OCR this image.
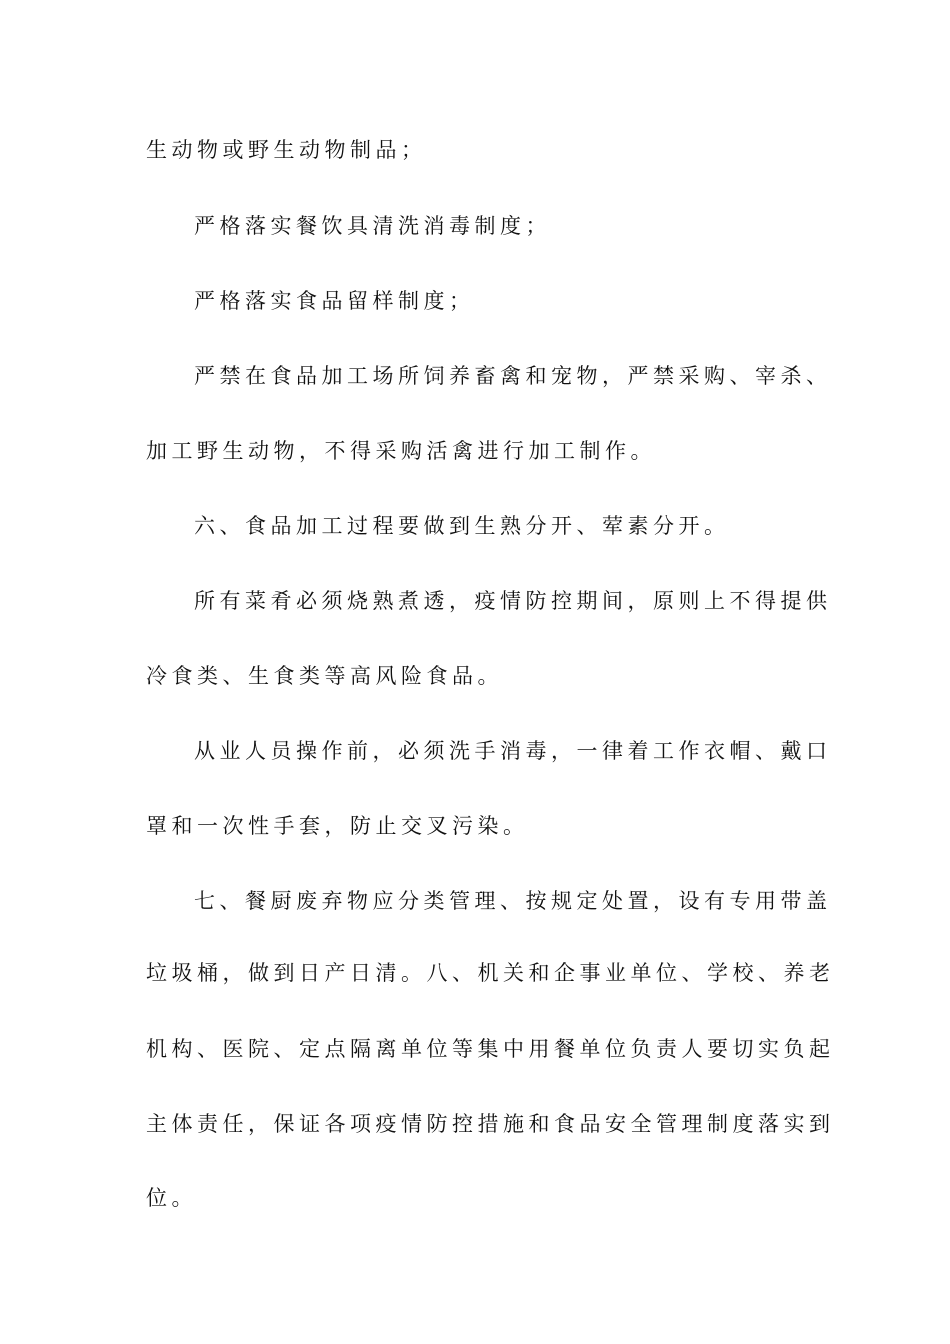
生动物或野生动物制品；
严格落实餐饮具清洗消毒制度；
严格落实食品留样制度；
严禁在食品加工场所饲养畜禽和宠物，严禁采购、宰杀、
加工野生动物，不得采购活禽进行加工制作。
六、食品加工过程要做到生熟分开、荤素分开。
所有菜肴必须烧熟煮透，疫情防控期间，原则上不得提供
冷食类、生食类等高风险食品。
从业人员操作前，必须洗手消毒，一律着工作衣帽、戴口
罩和一次性手套，防止交叉污染。
七、餐厨废弃物应分类管理、按规定处置，设有专用带盖
垃圾桶，做到日产日清。八、机关和企事业单位、学校、养老
机构、医院、定点隔离单位等集中用餐单位负责人要切实负起
主体责任，保证各项疫情防控措施和食品安全管理制度落实到
位。
